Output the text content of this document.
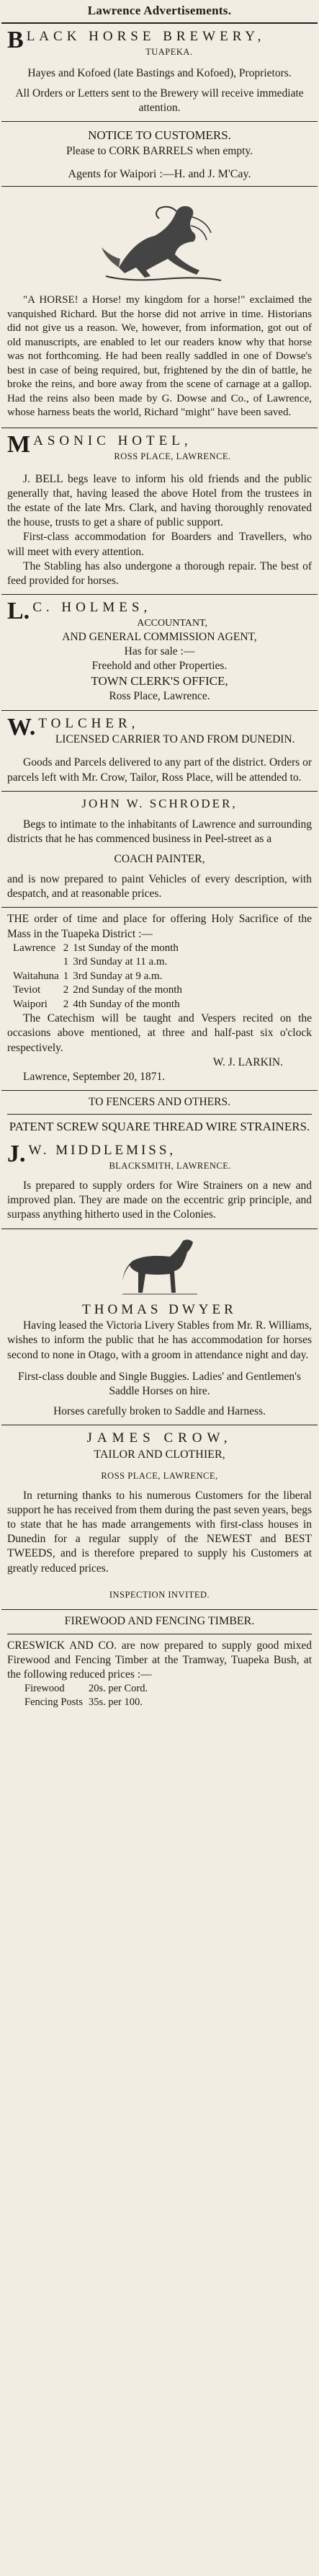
Lawrence Advertisements.
B LACK HORSE BREWERY,
TUAPEKA.

Hayes and Kofoed (late Bastings and Kofoed), Proprietors.

All Orders or Letters sent to the Brewery will receive immediate attention.

NOTICE TO CUSTOMERS.

Please to CORK BARRELS when empty.

Agents for Waipori :—H. and J. M'Cay.

"A HORSE! a Horse! my kingdom for a horse!" exclaimed the vanquished Richard. But the horse did not arrive in time. Historians did not give us a reason. We, however, from information, got out of old manuscripts, are enabled to let our readers know why that horse was not forthcoming. He had been really saddled in one of Dowse's best in case of being required, but, frightened by the din of battle, he broke the reins, and bore away from the scene of carnage at a gallop. Had the reins also been made by G. Dowse and Co., of Lawrence, whose harness beats the world, Richard "might" have been saved.

M ASONIC HOTEL,
ROSS PLACE, LAWRENCE.

J. BELL begs leave to inform his old friends and the public generally that, having leased the above Hotel from the trustees in the estate of the late Mrs. Clark, and having thoroughly renovated the house, trusts to get a share of public support.

First-class accommodation for Boarders and Travellers, who will meet with every attention.

The Stabling has also undergone a thorough repair. The best of feed provided for horses.

L. C. HOLMES,

ACCOUNTANT,

AND GENERAL COMMISSION AGENT,

Has for sale :—

Freehold and other Properties.

TOWN CLERK'S OFFICE,

Ross Place, Lawrence.

W. TOLCHER,

LICENSED CARRIER TO AND FROM DUNEDIN.

Goods and Parcels delivered to any part of the district. Orders or parcels left with Mr. Crow, Tailor, Ross Place, will be attended to.

JOHN W. SCHRODER,

Begs to intimate to the inhabitants of Lawrence and surrounding districts that he has commenced business in Peel-street as a

COACH PAINTER,

and is now prepared to paint Vehicles of every description, with despatch, and at reasonable prices.

THE order of time and place for offering Holy Sacrifice of the Mass in the Tuapeka District :—

Lawrence	2	1st Sunday of the month
	1	3rd Sunday at 11 a.m.
Waitahuna	1	3rd Sunday at 9 a.m.
Teviot	2	2nd Sunday of the month
Waipori	2	4th Sunday of the month

The Catechism will be taught and Vespers recited on the occasions above mentioned, at three and half-past six o'clock respectively.

W. J. LARKIN.

Lawrence, September 20, 1871.

TO FENCERS AND OTHERS.

PATENT SCREW SQUARE THREAD WIRE STRAINERS.

J. W. MIDDLEMISS,
BLACKSMITH, LAWRENCE.

Is prepared to supply orders for Wire Strainers on a new and improved plan. They are made on the eccentric grip principle, and surpass anything hitherto used in the Colonies.

THOMAS DWYER

Having leased the Victoria Livery Stables from Mr. R. Williams, wishes to inform the public that he has accommodation for horses second to none in Otago, with a groom in attendance night and day.

First-class double and Single Buggies. Ladies' and Gentlemen's Saddle Horses on hire.

Horses carefully broken to Saddle and Harness.

JAMES CROW,

TAILOR AND CLOTHIER,

ROSS PLACE, LAWRENCE,

In returning thanks to his numerous Customers for the liberal support he has received from them during the past seven years, begs to state that he has made arrangements with first-class houses in Dunedin for a regular supply of the NEWEST and BEST TWEEDS, and is therefore prepared to supply his Customers at greatly reduced prices.

INSPECTION INVITED.

FIREWOOD AND FENCING TIMBER.

CRESWICK AND CO. are now prepared to supply good mixed Firewood and Fencing Timber at the Tramway, Tuapeka Bush, at the following reduced prices :—

Firewood	20s. per Cord.
Fencing Posts	35s. per 100.
